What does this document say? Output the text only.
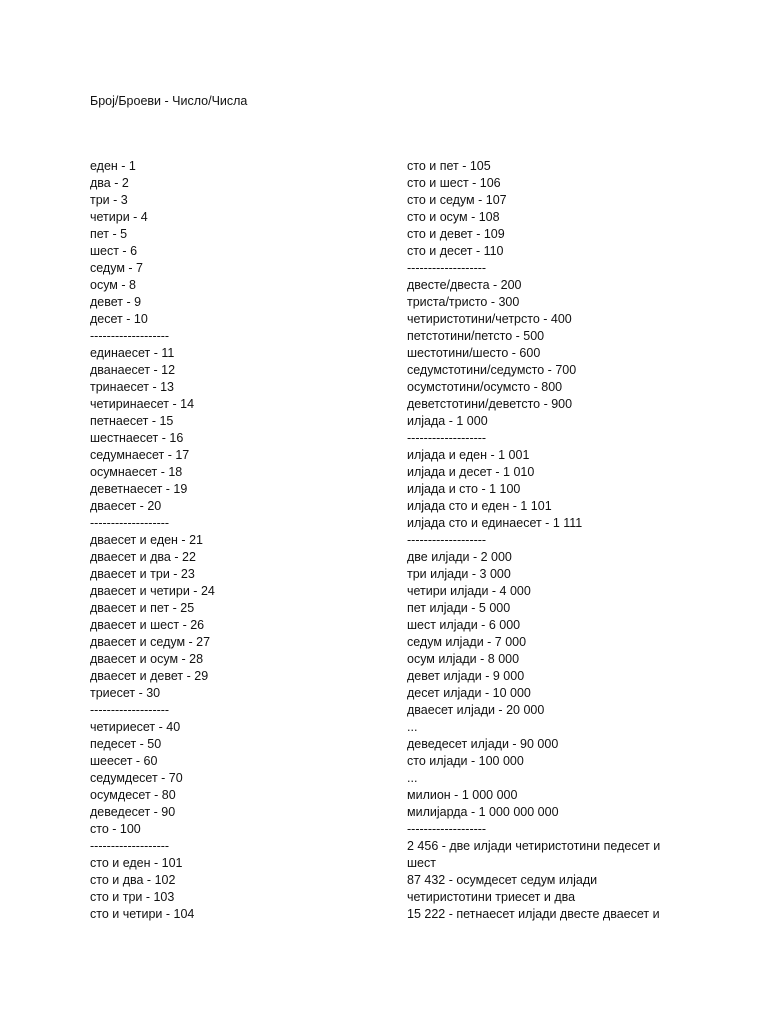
Број/Броеви - Число/Числа
еден - 1
два - 2
три - 3
четири - 4
пет - 5
шест - 6
седум - 7
осум - 8
девет - 9
десет - 10
-------------------
единаесет - 11
дванаесет - 12
тринаесет - 13
четиринаесет - 14
петнаесет - 15
шестнаесет - 16
седумнаесет - 17
осумнаесет - 18
деветнаесет - 19
дваесет - 20
-------------------
дваесет и еден - 21
дваесет и два - 22
дваесет и три - 23
дваесет и четири - 24
дваесет и пет - 25
дваесет и шест - 26
дваесет и седум - 27
дваесет и осум - 28
дваесет и девет - 29
триесет - 30
-------------------
четириесет - 40
педесет - 50
шеесет - 60
седумдесет - 70
осумдесет - 80
деведесет - 90
сто - 100
-------------------
сто и еден - 101
сто и два - 102
сто и три - 103
сто и четири - 104
сто и пет - 105
сто и шест - 106
сто и седум - 107
сто и осум - 108
сто и девет - 109
сто и десет - 110
-------------------
двесте/двеста - 200
триста/тристо - 300
четиристотини/четрсто - 400
петстотини/петсто - 500
шестотини/шесто - 600
седумстотини/седумсто - 700
осумстотини/осумсто - 800
деветстотини/деветсто - 900
илјада - 1 000
-------------------
илјада и еден - 1 001
илјада и десет - 1 010
илјада и сто - 1 100
илјада сто и еден - 1 101
илјада сто и единаесет - 1 111
-------------------
две илјади - 2 000
три илјади - 3 000
четири илјади - 4 000
пет илјади - 5 000
шест илјади - 6 000
седум илјади - 7 000
осум илјади - 8 000
девет илјади - 9 000
десет илјади - 10 000
дваесет илјади - 20 000
...
деведесет илјади - 90 000
сто илјади - 100 000
...
милион - 1 000 000
милијарда - 1 000 000 000
-------------------
2 456 - две илјади четиристотини педесет и
шест
87 432 - осумдесет седум илјади
четиристотини триесет и два
15 222 - петнаесет илјади двесте дваесет и
